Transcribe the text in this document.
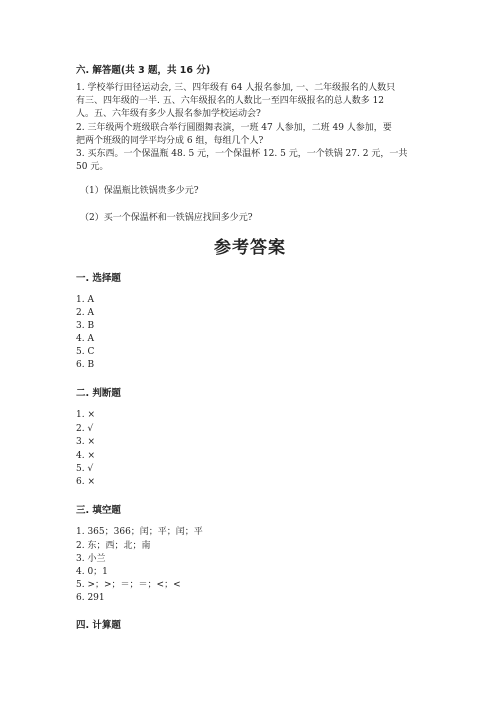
六. 解答题(共 3 题，共 16 分)
1. 学校举行田径运动会, 三、四年级有 64 人报名参加, 一、二年级报名的人数只
有三、四年级的一半. 五、六年级报名的人数比一至四年级报名的总人数多 12
人。五、六年级有多少人报名参加学校运动会?
2. 三年级两个班级联合举行圆圈舞表演，一班 47 人参加，二班 49 人参加，要
把两个班级的同学平均分成 6 组，每组几个人?
3. 买东西。一个保温瓶 48. 5 元，一个保温杯 12. 5 元，一个铁锅 27. 2 元，一共
50 元。
（1）保温瓶比铁锅贵多少元?
（2）买一个保温杯和一铁锅应找回多少元?
参考答案
一. 选择题
1. A
2. A
3. B
4. A
5. C
6. B
二. 判断题
1. ×
2. √
3. ×
4. ×
5. √
6. ×
三. 填空题
1. 365；366；闰；平；闰；平
2. 东；西；北；南
3. 小兰
4. 0；1
5. >；>；＝；＝；<；<
6. 291
四. 计算题
